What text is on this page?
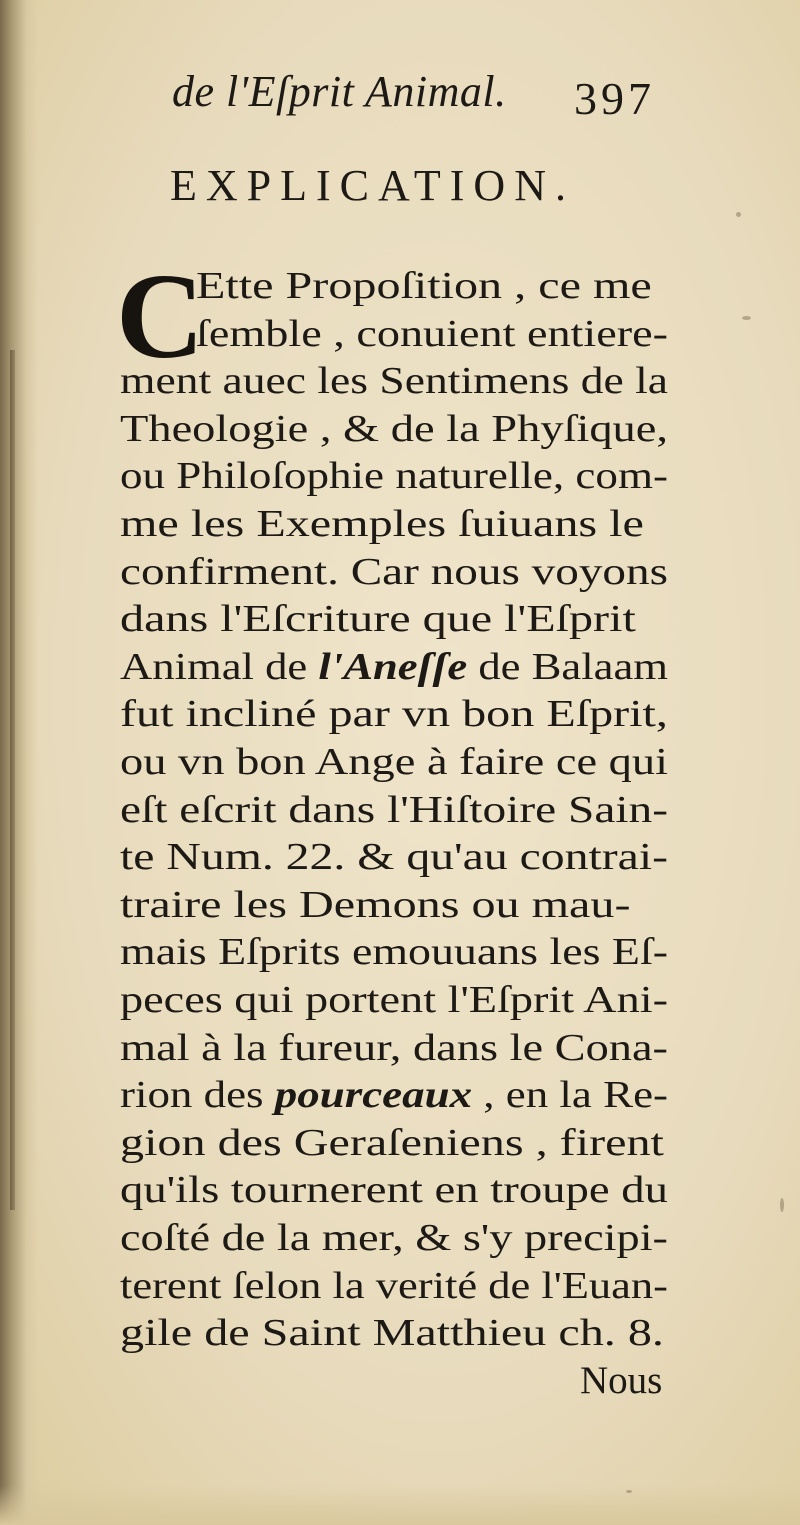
de l'Eſprit Animal. 397
EXPLICATION.
C
Ette Propoſition , ce me
ſemble , conuient entiere-
ment auec les Sentimens de la
Theologie , & de la Phyſique,
ou Philoſophie naturelle, com-
me les Exemples ſuiuans le
confirment. Car nous voyons
dans l'Eſcriture que l'Eſprit
Animal de l'Aneſſe de Balaam
fut incliné par vn bon Eſprit,
ou vn bon Ange à faire ce qui
eſt eſcrit dans l'Hiſtoire Sain-
te Num. 22. & qu'au contrai-
traire les Demons ou mau-
mais Eſprits emouuans les Eſ-
peces qui portent l'Eſprit Ani-
mal à la fureur, dans le Cona-
rion des pourceaux , en la Re-
gion des Geraſeniens , firent
qu'ils tournerent en troupe du
coſté de la mer, & s'y precipi-
terent ſelon la verité de l'Euan-
gile de Saint Matthieu ch. 8.
Nous
